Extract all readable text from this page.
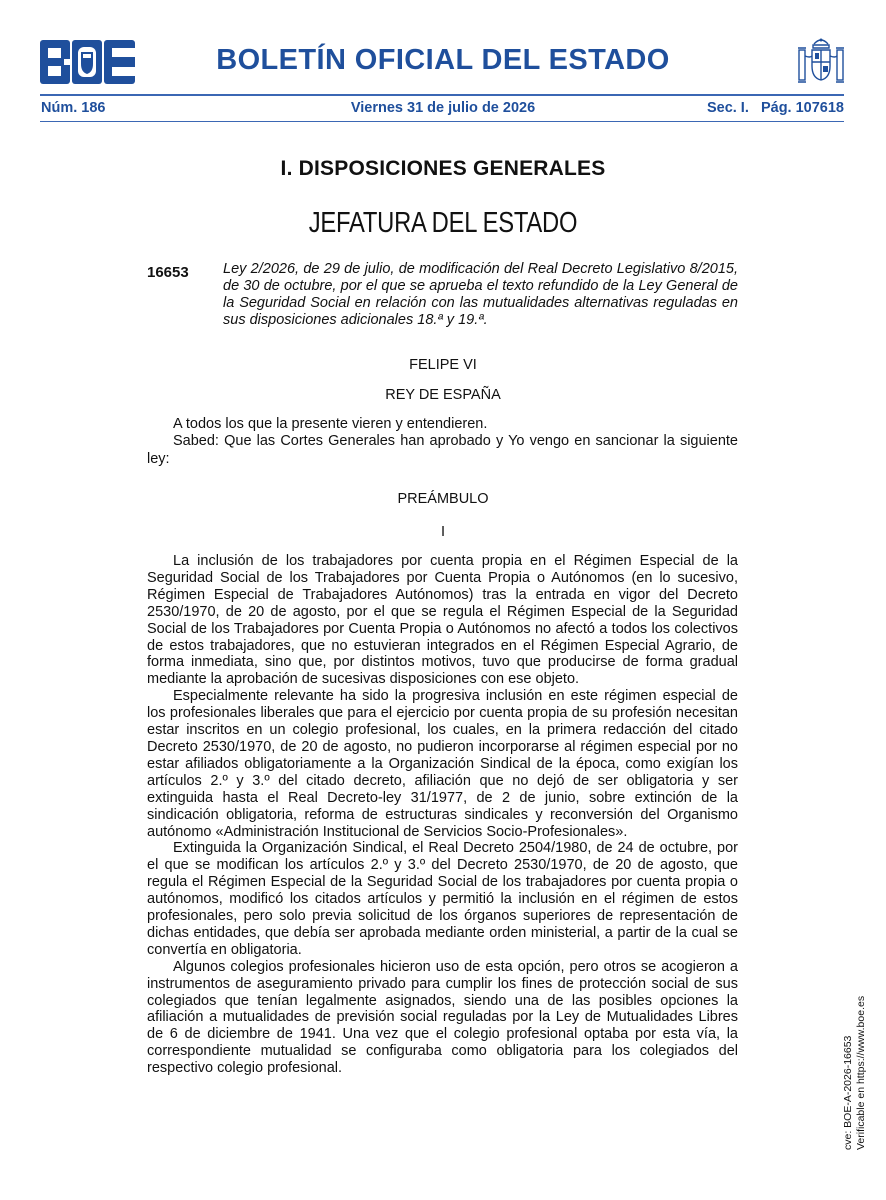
BOLETÍN OFICIAL DEL ESTADO
Núm. 186	Viernes 31 de julio de 2026	Sec. I.   Pág. 107618
I. DISPOSICIONES GENERALES
JEFATURA DEL ESTADO
16653 Ley 2/2026, de 29 de julio, de modificación del Real Decreto Legislativo 8/2015, de 30 de octubre, por el que se aprueba el texto refundido de la Ley General de la Seguridad Social en relación con las mutualidades alternativas reguladas en sus disposiciones adicionales 18.ª y 19.ª.
FELIPE VI
REY DE ESPAÑA

A todos los que la presente vieren y entendieren.

Sabed: Que las Cortes Generales han aprobado y Yo vengo en sancionar la siguiente ley:

PREÁMBULO
I

La inclusión de los trabajadores por cuenta propia en el Régimen Especial de la Seguridad Social de los Trabajadores por Cuenta Propia o Autónomos (en lo sucesivo, Régimen Especial de Trabajadores Autónomos) tras la entrada en vigor del Decreto 2530/1970, de 20 de agosto, por el que se regula el Régimen Especial de la Seguridad Social de los Trabajadores por Cuenta Propia o Autónomos no afectó a todos los colectivos de estos trabajadores, que no estuvieran integrados en el Régimen Especial Agrario, de forma inmediata, sino que, por distintos motivos, tuvo que producirse de forma gradual mediante la aprobación de sucesivas disposiciones con ese objeto.

Especialmente relevante ha sido la progresiva inclusión en este régimen especial de los profesionales liberales que para el ejercicio por cuenta propia de su profesión necesitan estar inscritos en un colegio profesional, los cuales, en la primera redacción del citado Decreto 2530/1970, de 20 de agosto, no pudieron incorporarse al régimen especial por no estar afiliados obligatoriamente a la Organización Sindical de la época, como exigían los artículos 2.º y 3.º del citado decreto, afiliación que no dejó de ser obligatoria y ser extinguida hasta el Real Decreto-ley 31/1977, de 2 de junio, sobre extinción de la sindicación obligatoria, reforma de estructuras sindicales y reconversión del Organismo autónomo «Administración Institucional de Servicios Socio-Profesionales».

Extinguida la Organización Sindical, el Real Decreto 2504/1980, de 24 de octubre, por el que se modifican los artículos 2.º y 3.º del Decreto 2530/1970, de 20 de agosto, que regula el Régimen Especial de la Seguridad Social de los trabajadores por cuenta propia o autónomos, modificó los citados artículos y permitió la inclusión en el régimen de estos profesionales, pero solo previa solicitud de los órganos superiores de representación de dichas entidades, que debía ser aprobada mediante orden ministerial, a partir de la cual se convertía en obligatoria.

Algunos colegios profesionales hicieron uso de esta opción, pero otros se acogieron a instrumentos de aseguramiento privado para cumplir los fines de protección social de sus colegiados que tenían legalmente asignados, siendo una de las posibles opciones la afiliación a mutualidades de previsión social reguladas por la Ley de Mutualidades Libres de 6 de diciembre de 1941. Una vez que el colegio profesional optaba por esta vía, la correspondiente mutualidad se configuraba como obligatoria para los colegiados del respectivo colegio profesional.	cve: BOE-A-2026-16653 Verificable en https://www.boe.es
